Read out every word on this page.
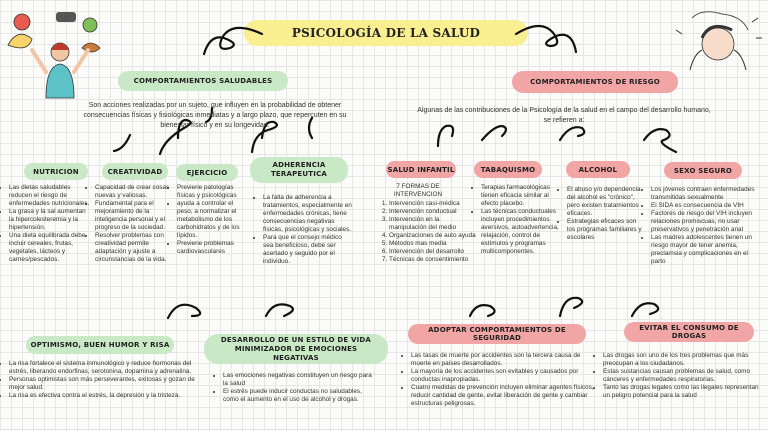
PSICOLOGÍA DE LA SALUD
COMPORTAMIENTOS SALUDABLES
Son acciones realizadas por un sujeto, que influyen en la probabilidad de obtener consecuencias físicas y fisiológicas inmediatas y a largo plazo, que repercuten en su bienestar físico y en su longevidad.
NUTRICION
• Las dietas saludables reducen el riesgo de enfermedades nutricionales.
• La grasa y la sal aumentan la hipercolesteremia y la hipertensión.
• Una dieta equilibrada debe incluir cereales, frutas, vegetales, lácteos y carnes/pescados.
CREATIVIDAD
• Capacidad de crear cosas nuevas y valiosas.
• Fundamental para el mejoramiento de la inteligencia personal y el progreso de la sociedad.
• Resolver problemas con creatividad permite adaptación y ajuste a circunstancias de la vida.
EJERCICIO
• Previene patologías físicas y psicológicas
• ayuda a controlar el peso, a normalizar el metabolismo de los carbohidratos y de los lípidos.
• Previene problemas cardiovasculares
ADHERENCIA TERAPEUTICA
• La falta de adherencia a tratamientos, especialmente en enfermedades crónicas, tiene consecuencias negativas físicas, psicológicas y sociales.
• Para que el consejo médico sea beneficioso, debe ser acertado y seguido por el individuo.
OPTIMISMO, BUEN HUMOR Y RISA
• La risa fortalece el sistema inmunológico y reduce hormonas del estrés, liberando endorfinas, serotonina, dopamina y adrenalina.
• Personas optimistas son más perseverantes, exitosas y gozan de mejor salud.
• La risa es efectiva contra el estrés, la depresión y la tristeza.
DESARROLLO DE UN ESTILO DE VIDA MINIMIZADOR DE EMOCIONES NEGATIVAS
• Las emociones negativas constituyen un riesgo para la salud
• El estrés puede inducir conductas no saludables, como el aumento en el uso de alcohol y drogas.
COMPORTAMIENTOS DE RIESGO
Algunas de las contribuciones de la Psicología de la salud en el campo del desarrollo humano, se refieren a:
SALUD INFANTIL
7 FORMAS DE INTERVENCION
1. Intervención casi-médica
2. Intervención conductual
3. Intervención en la manipulación del medio
4. Organizaciones de auto ayuda
5. Métodos mas media
6. Intervención del desarrollo
7. Técnicas de consentimiento
TABAQUISMO
• Terapias farmacológicas tienen eficacia similar al efecto placebo.
• Las técnicas conductuales incluyen procedimientos aversivos, autoadvertencia, relajación, control de estímulos y programas multicomponentes.
ALCOHOL
• El abuso y/o dependencia del alcohol es "crónico", pero existen tratamientos eficaces.
• Estrategias eficaces son los programas familiares y escolares
SEXO SEGURO
• Los jóvenes contraen enfermedades transmitidas sexualmente
• El SIDA es consecuencia de VIH
• Factores de riesgo del VIH incluyen relaciones promiscuas, no usar preservativos y penetración anal
• Las madres adolescentes tienen un riesgo mayor de tener anemia, preclamsia y complicaciones en el parto
ADOPTAR COMPORTAMIENTOS DE SEGURIDAD
• Las tasas de muerte por accidentes son la tercera causa de muerte en países desarrollados.
• La mayoría de los accidentes son evitables y causados por conductas inapropiadas.
• Cuatro medidas de prevención incluyen eliminar agentes físicos, reducir cantidad de gente, evitar liberación de gente y cambiar estructuras peligrosas.
EVITAR EL CONSUMO DE DROGAS
• Las drogas son uno de los tres problemas que más preocupan a los ciudadanos.
• Estas sustancias causan problemas de salud, como cánceres y enfermedades respiratorias.
• Tanto las drogas legales como las ilegales representan un peligro potencial para la salud
